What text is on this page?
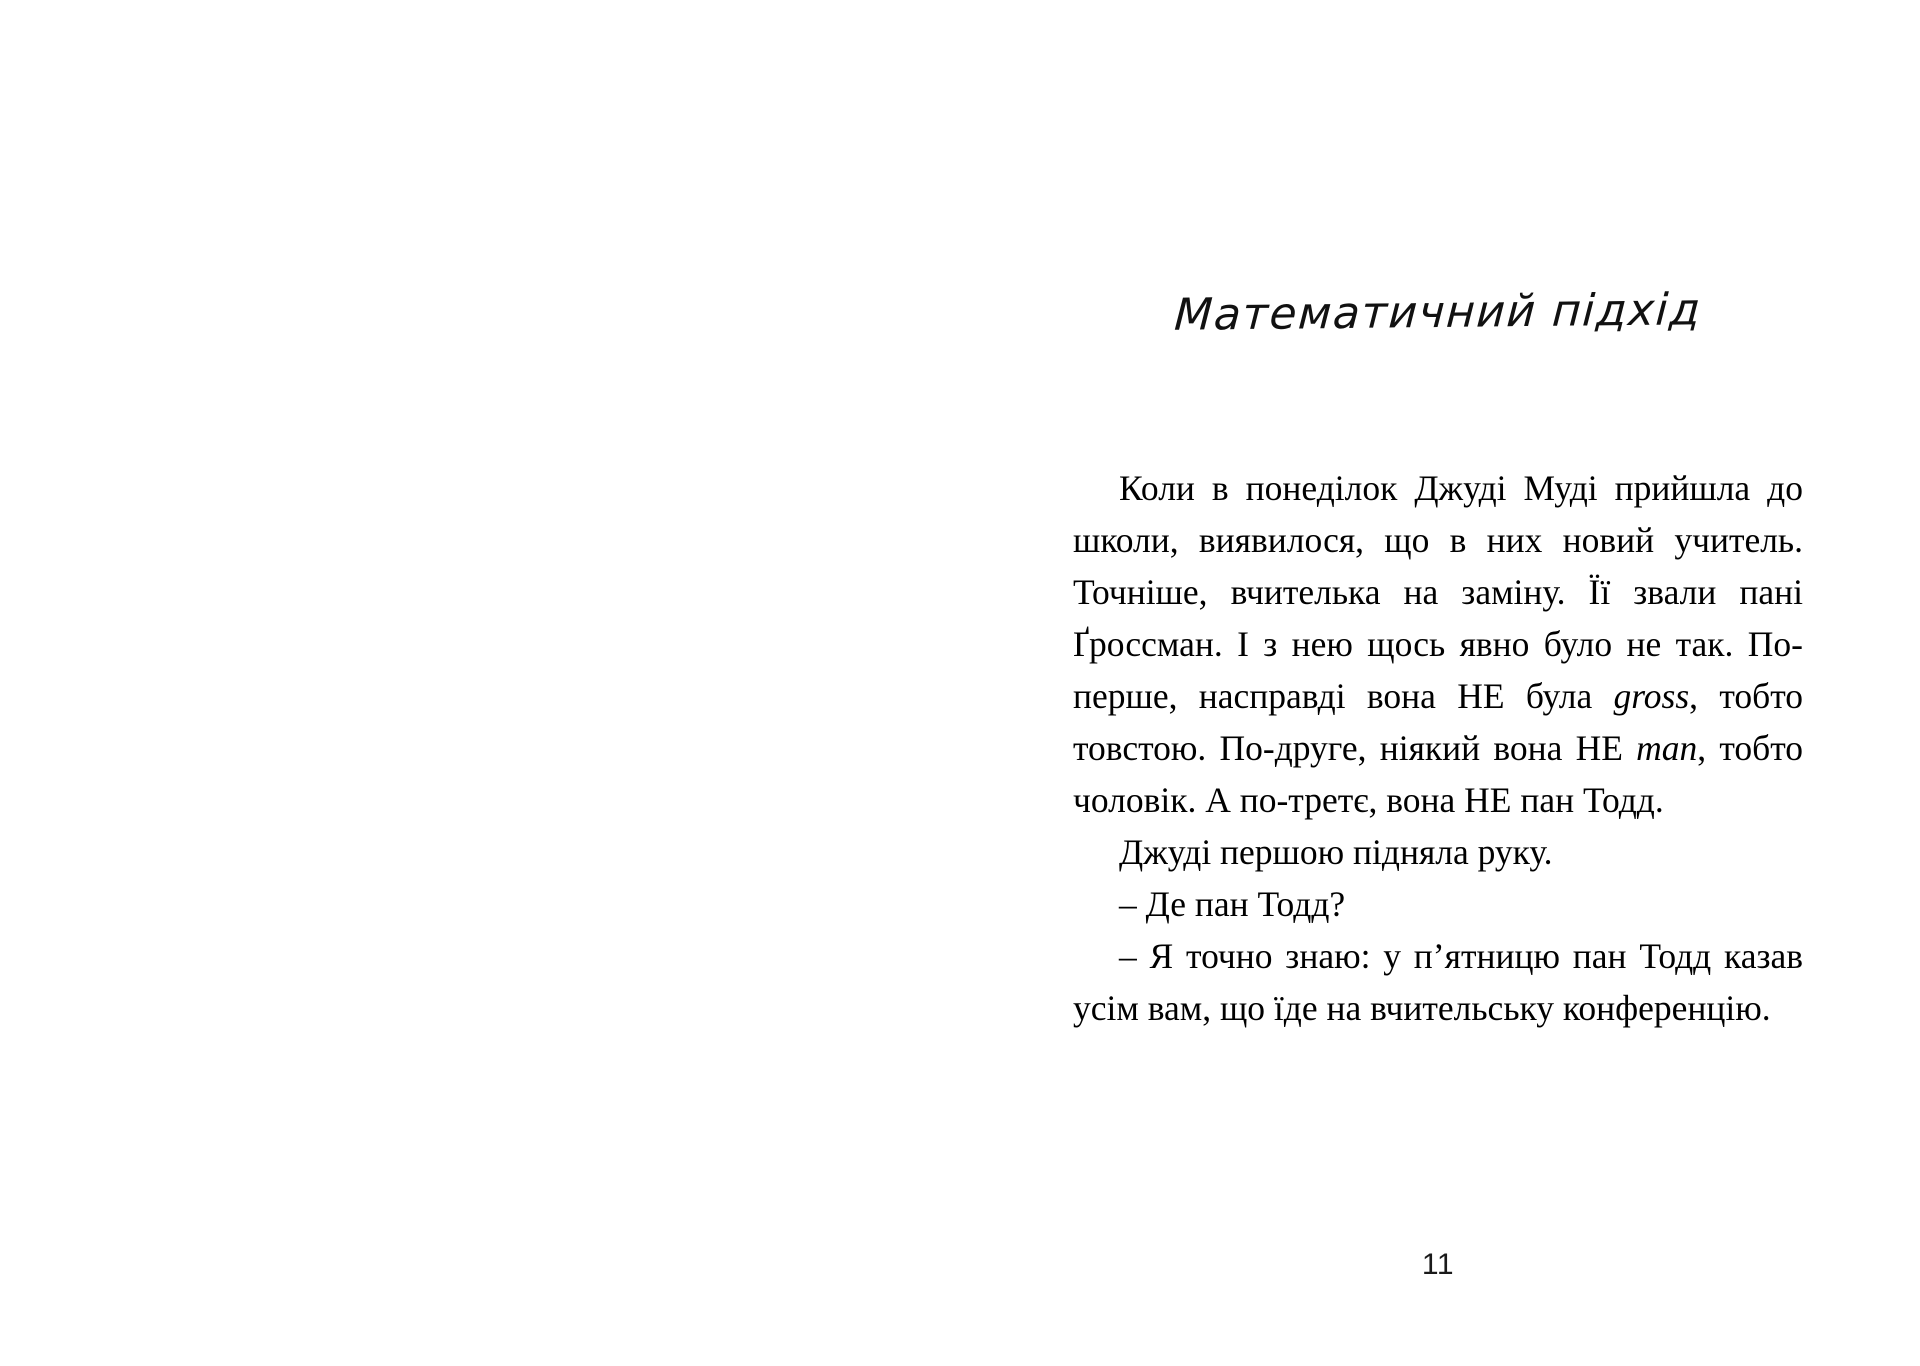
Математичний підхід

Коли в понеділок Джуді Муді прийшла до школи, виявилося, що в них новий учитель. Точніше, вчителька на заміну. Її звали пані Ґроссман. І з нею щось явно було не так. По-перше, насправді вона НЕ була gross, тобто товстою. По-друге, ніякий вона НЕ man, тобто чоловік. А по-третє, вона НЕ пан Тодд.

Джуді першою підняла руку.

– Де пан Тодд?

– Я точно знаю: у п’ятницю пан Тодд казав усім вам, що їде на вчительську конференцію.

11
